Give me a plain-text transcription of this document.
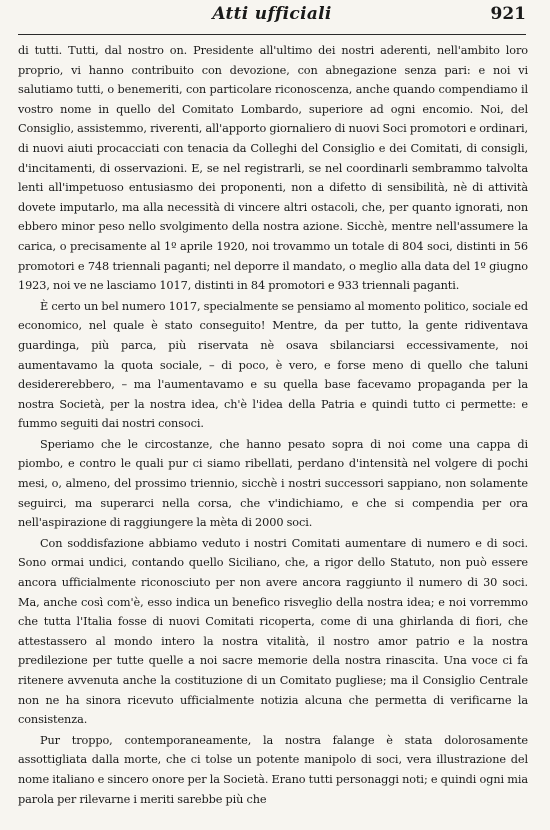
Atti ufficiali	921

di tutti. Tutti, dal nostro on. Presidente all'ultimo dei nostri aderenti, nell'ambito loro proprio, vi hanno contribuito con devozione, con abnegazione senza pari: e noi vi salutiamo tutti, o benemeriti, con particolare riconoscenza, anche quando compendiamo il vostro nome in quello del Comitato Lombardo, superiore ad ogni encomio. Noi, del Consiglio, assistemmo, riverenti, all'apporto giornaliero di nuovi Soci promotori e ordinari, di nuovi aiuti procacciati con tenacia da Colleghi del Consiglio e dei Comitati, di consigli, d'incitamenti, di osservazioni. E, se nel registrarli, se nel coordinarli sembrammo talvolta lenti all'impetuoso entusiasmo dei proponenti, non a difetto di sensibilità, nè di attività dovete imputarlo, ma alla necessità di vincere altri ostacoli, che, per quanto ignorati, non ebbero minor peso nello svolgimento della nostra azione. Sicchè, mentre nell'assumere la carica, o precisamente al 1º aprile 1920, noi trovammo un totale di 804 soci, distinti in 56 promotori e 748 triennali paganti; nel deporre il mandato, o meglio alla data del 1º giugno 1923, noi ve ne lasciamo 1017, distinti in 84 promotori e 933 triennali paganti.

È certo un bel numero 1017, specialmente se pensiamo al momento politico, sociale ed economico, nel quale è stato conseguito! Mentre, da per tutto, la gente ridiventava guardinga, più parca, più riservata nè osava sbilanciarsi eccessivamente, noi aumentavamo la quota sociale, – di poco, è vero, e forse meno di quello che taluni desidererebbero, – ma l'aumentavamo e su quella base facevamo propaganda per la nostra Società, per la nostra idea, ch'è l'idea della Patria e quindi tutto ci permette: e fummo seguiti dai nostri consoci.

Speriamo che le circostanze, che hanno pesato sopra di noi come una cappa di piombo, e contro le quali pur ci siamo ribellati, perdano d'intensità nel volgere di pochi mesi, o, almeno, del prossimo triennio, sicchè i nostri successori sappiano, non solamente seguirci, ma superarci nella corsa, che v'indichiamo, e che si compendia per ora nell'aspirazione di raggiungere la mèta di 2000 soci.

Con soddisfazione abbiamo veduto i nostri Comitati aumentare di numero e di soci. Sono ormai undici, contando quello Siciliano, che, a rigor dello Statuto, non può essere ancora ufficialmente riconosciuto per non avere ancora raggiunto il numero di 30 soci. Ma, anche così com'è, esso indica un benefico risveglio della nostra idea; e noi vorremmo che tutta l'Italia fosse di nuovi Comitati ricoperta, come di una ghirlanda di fiori, che attestassero al mondo intero la nostra vitalità, il nostro amor patrio e la nostra predilezione per tutte quelle a noi sacre memorie della nostra rinascita. Una voce ci fa ritenere avvenuta anche la costituzione di un Comitato pugliese; ma il Consiglio Centrale non ne ha sinora ricevuto ufficialmente notizia alcuna che permetta di verificarne la consistenza.

Pur troppo, contemporaneamente, la nostra falange è stata dolorosamente assottigliata dalla morte, che ci tolse un potente manipolo di soci, vera illustrazione del nome italiano e sincero onore per la Società. Erano tutti personaggi noti; e quindi ogni mia parola per rilevarne i meriti sarebbe più che
